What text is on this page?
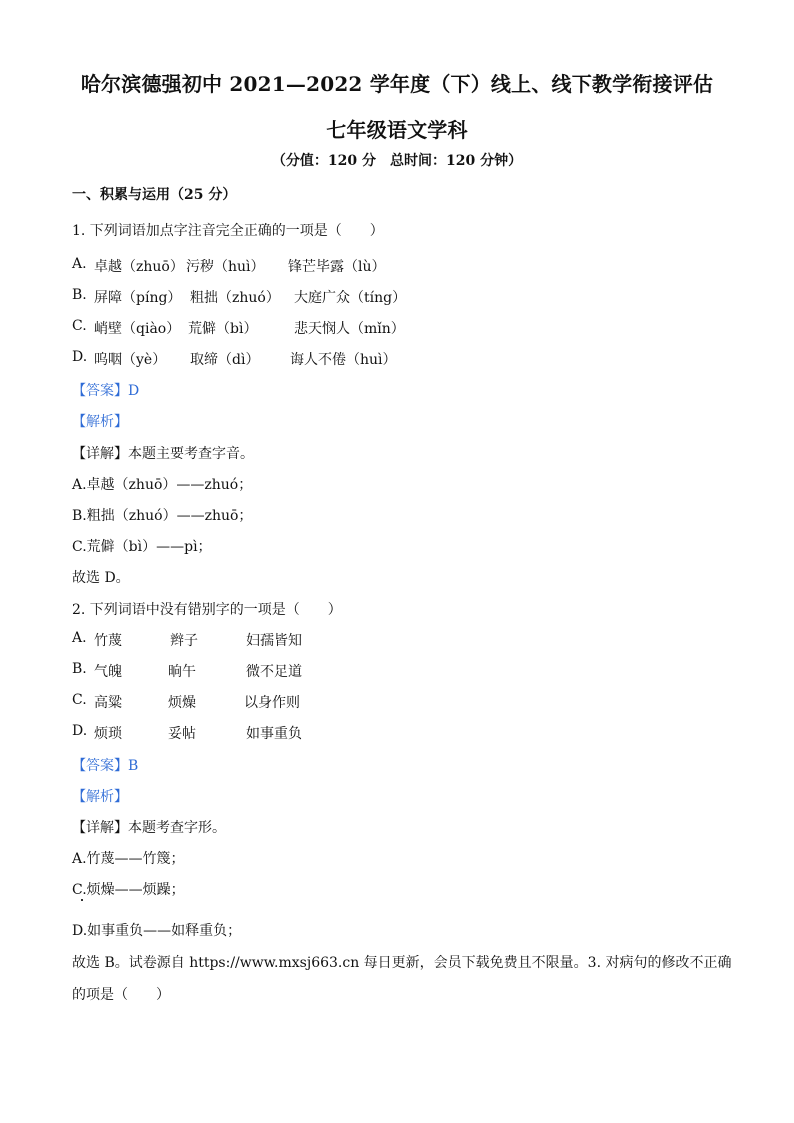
哈尔滨德强初中 2021—2022 学年度（下）线上、线下教学衔接评估
七年级语文学科
（分值：120 分　总时间：120 分钟）
一、积累与运用（25 分）
1. 下列词语加点字注音完全正确的一项是（　　）
A. 卓越（zhuō） 污秽（huì） 锋芒毕露（lù）
B. 屏障（píng） 粗拙（zhuó） 大庭广众（tíng）
C. 峭壁（qiào） 荒僻（bì）	悲天悯人（mǐn）
D. 呜咽（yè） 取缔（dì） 诲人不倦（huì）
【答案】D
【解析】
【详解】本题主要考查字音。
A.卓越（zhuō）——zhuó；
B.粗拙（zhuó）——zhuō；
C.荒僻（bì）——pì；
故选 D。
2. 下列词语中没有错别字的一项是（　　）
A. 竹蔑	辫子	妇孺皆知
B. 气魄	晌午	微不足道
C. 高粱	烦燥	以身作则
D. 烦琐	妥帖	如事重负
【答案】B
【解析】
【详解】本题考查字形。
A.竹蔑——竹篾；
C.烦燥——烦躁；
D.如事重负——如释重负；
故选 B。试卷源自 https://www.mxsj663.cn 每日更新，会员下载免费且不限量。3. 对病句的修改不正确
的项是（　　）
